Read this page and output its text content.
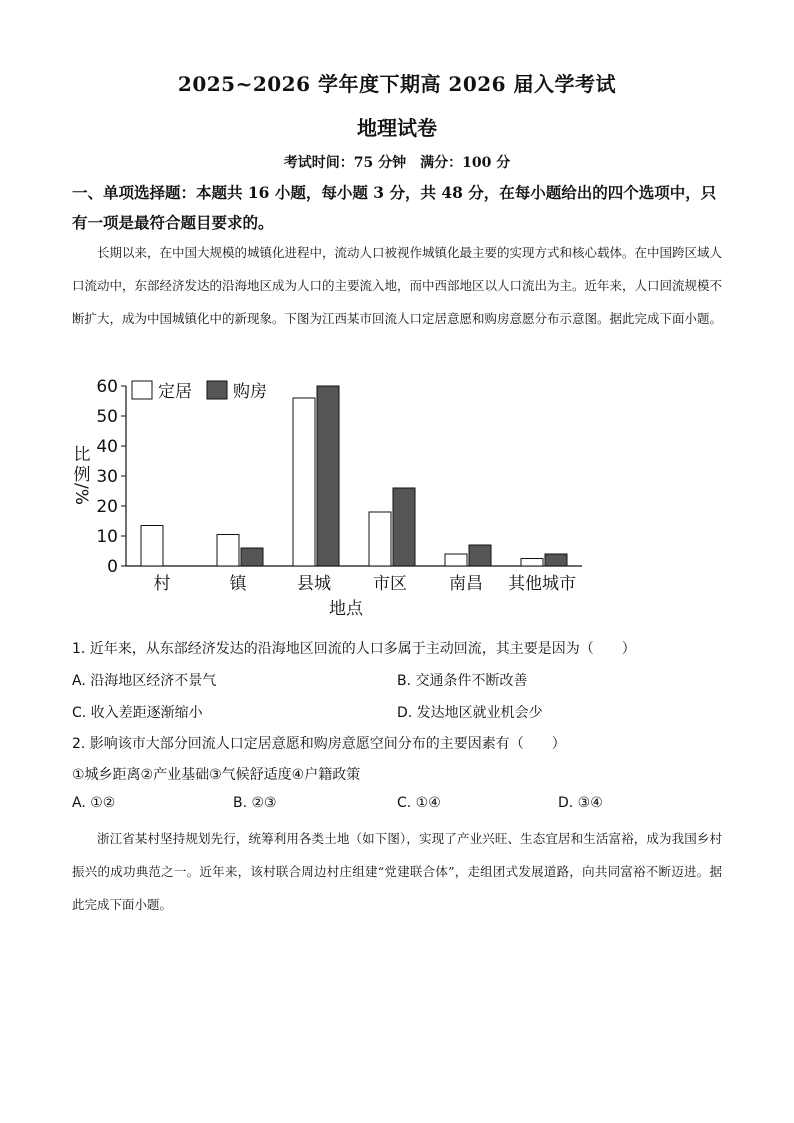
2025~2026 学年度下期高 2026 届入学考试
地理试卷
考试时间：75 分钟　满分：100 分
一、单项选择题：本题共 16 小题，每小题 3 分，共 48 分，在每小题给出的四个选项中，只有一项是最符合题目要求的。

长期以来，在中国大规模的城镇化进程中，流动人口被视作城镇化最主要的实现方式和核心载体。在中国跨区域人口流动中，东部经济发达的沿海地区成为人口的主要流入地，而中西部地区以人口流出为主。近年来，人口回流规模不断扩大，成为中国城镇化中的新现象。下图为江西某市回流人口定居意愿和购房意愿分布示意图。据此完成下面小题。

0
10
20
30
40
50
60
比
例
/%
村	镇	县城 市区 南昌 其他城市
地点
定居 购房
1. 近年来，从东部经济发达的沿海地区回流的人口多属于主动回流，其主要是因为（　　）
A. 沿海地区经济不景气	B. 交通条件不断改善
C. 收入差距逐渐缩小	D. 发达地区就业机会少
2. 影响该市大部分回流人口定居意愿和购房意愿空间分布的主要因素有（　　）
①城乡距离②产业基础③气候舒适度④户籍政策
A. ①②	B. ②③	C. ①④	D. ③④

浙江省某村坚持规划先行，统筹利用各类土地（如下图），实现了产业兴旺、生态宜居和生活富裕，成为我国乡村振兴的成功典范之一。近年来，该村联合周边村庄组建“党建联合体”，走组团式发展道路，向共同富裕不断迈进。据此完成下面小题。
